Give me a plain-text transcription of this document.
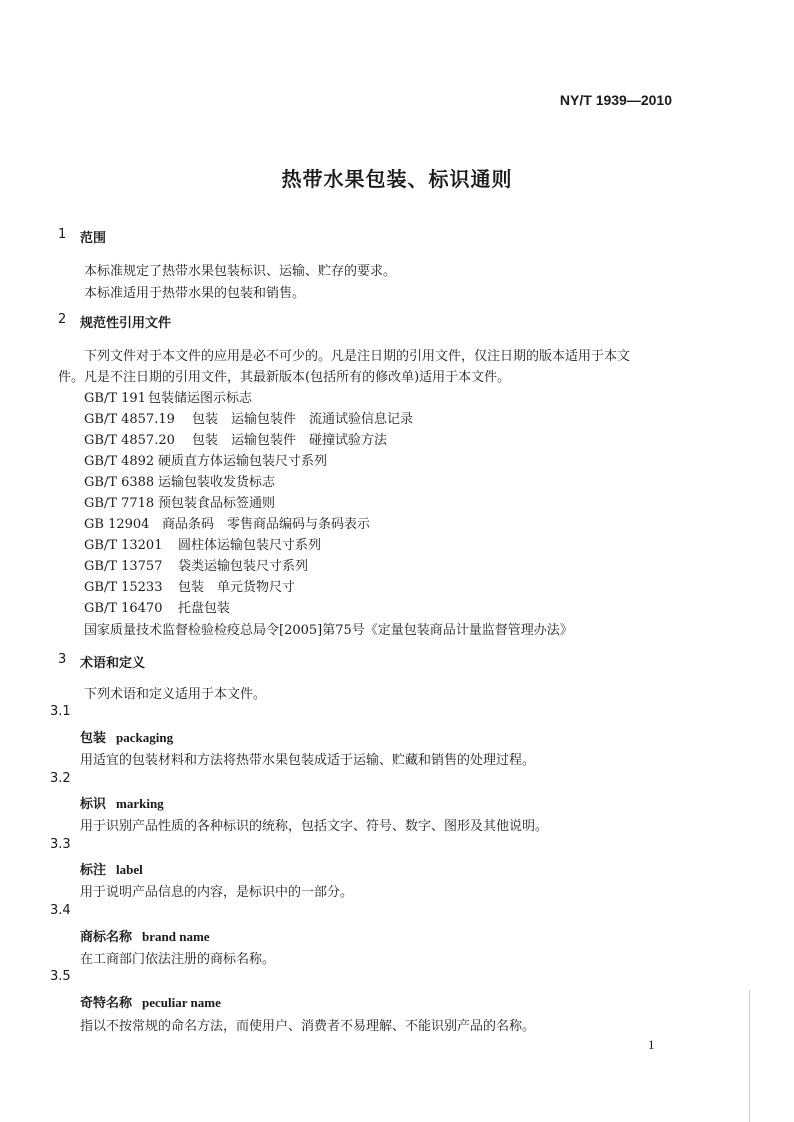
NY/T 1939—2010
热带水果包装、标识通则
1 范围
本标准规定了热带水果包装标识、运输、贮存的要求。
本标准适用于热带水果的包装和销售。
2 规范性引用文件
下列文件对于本文件的应用是必不可少的。凡是注日期的引用文件，仅注日期的版本适用于本文
件。凡是不注日期的引用文件，其最新版本(包括所有的修改单)适用于本文件。
GB/T 191 包装储运图示标志
GB/T 4857.19 包装　运输包装件　流通试验信息记录
GB/T 4857.20 包装　运输包装件　碰撞试验方法
GB/T 4892 硬质直方体运输包装尺寸系列
GB/T 6388 运输包装收发货标志
GB/T 7718 预包装食品标签通则
GB 12904 商品条码　零售商品编码与条码表示
GB/T 13201 圆柱体运输包装尺寸系列
GB/T 13757 袋类运输包装尺寸系列
GB/T 15233 包装　单元货物尺寸
GB/T 16470 托盘包装
国家质量技术监督检验检疫总局令[2005]第75号《定量包装商品计量监督管理办法》
3 术语和定义
下列术语和定义适用于本文件。
3.1
包装 packaging
用适宜的包装材料和方法将热带水果包装成适于运输、贮藏和销售的处理过程。
3.2
标识 marking
用于识别产品性质的各种标识的统称，包括文字、符号、数字、图形及其他说明。
3.3
标注 label
用于说明产品信息的内容，是标识中的一部分。
3.4
商标名称 brand name
在工商部门依法注册的商标名称。
3.5
奇特名称 peculiar name
指以不按常规的命名方法，而使用户、消费者不易理解、不能识别产品的名称。
1
